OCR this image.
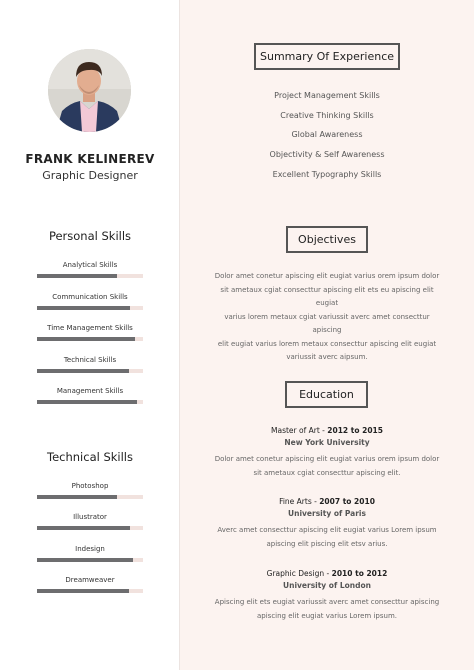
FRANK KELINEREV
Graphic Designer
Personal Skills
Analytical Skills
Communication Skills
Time Management Skills
Technical Skills
Management Skills
Technical Skills
Photoshop
Illustrator
Indesign
Dreamweaver
Summary Of Experience
Project Management Skills
Creative Thinking Skills
Global Awareness
Objectivity & Self Awareness
Excellent Typography Skills
Objectives
Dolor amet conetur apiscing elit eugiat varius orem ipsum dolor
sit ametaux cgiat consecttur apiscing elit ets eu apiscing elit eugiat
varius lorem metaux cgiat variussit averc amet consecttur apiscing
elit eugiat varius lorem metaux consecttur apiscing elit eugiat
variussit averc aipsum.
Education
Master of Art - 2012 to 2015
New York University
Dolor amet conetur apiscing elit eugiat varius orem ipsum dolor
sit ametaux cgiat consecttur apiscing elit.
Fine Arts - 2007 to 2010
University of Paris
Averc amet consecttur apiscing elit eugiat varius Lorem ipsum
apiscing elit piscing elit etsv arius.
Graphic Design - 2010 to 2012
University of London
Apiscing elit ets eugiat variussit averc amet consecttur apiscing
apiscing elit eugiat varius Lorem ipsum.
